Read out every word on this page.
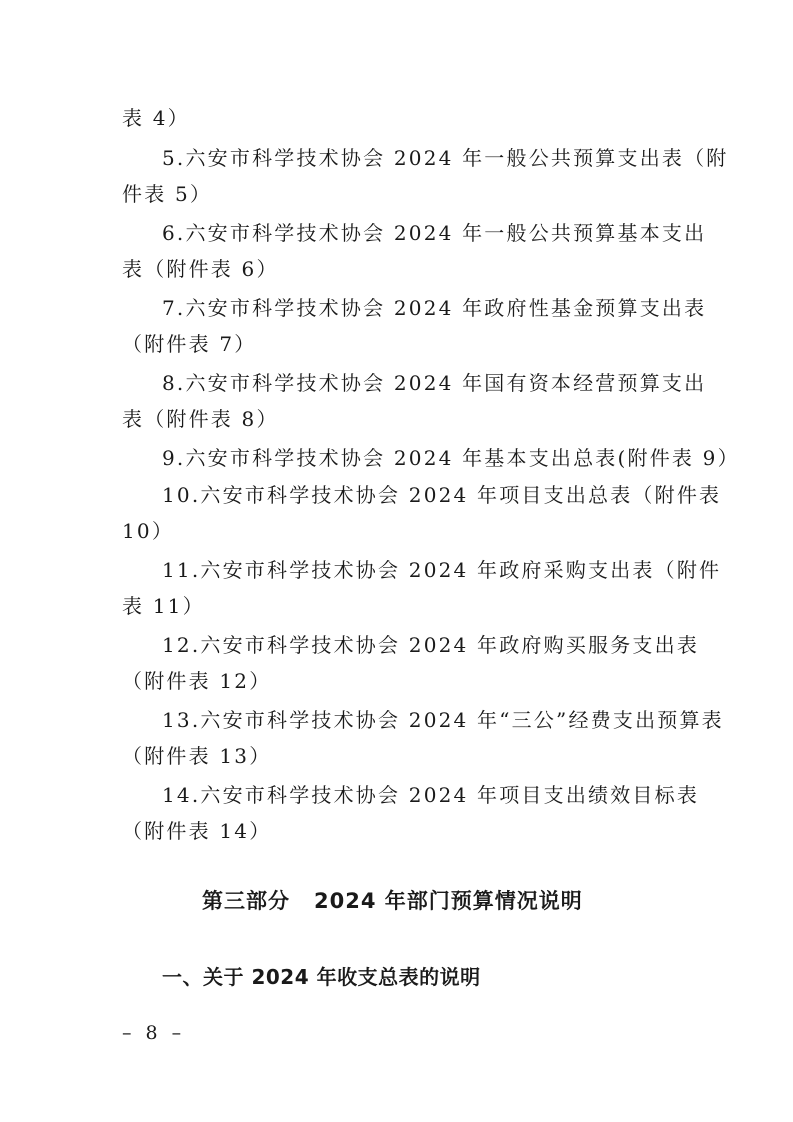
表 4）
5.六安市科学技术协会 2024 年一般公共预算支出表（附
件表 5）
6.六安市科学技术协会 2024 年一般公共预算基本支出
表（附件表 6）
7.六安市科学技术协会 2024 年政府性基金预算支出表
（附件表 7）
8.六安市科学技术协会 2024 年国有资本经营预算支出
表（附件表 8）
9.六安市科学技术协会 2024 年基本支出总表(附件表 9）
10.六安市科学技术协会 2024 年项目支出总表（附件表
10）
11.六安市科学技术协会 2024 年政府采购支出表（附件
表 11）
12.六安市科学技术协会 2024 年政府购买服务支出表
（附件表 12）
13.六安市科学技术协会 2024 年“三公”经费支出预算表
（附件表 13）
14.六安市科学技术协会 2024 年项目支出绩效目标表
（附件表 14）
第三部分 2024 年部门预算情况说明
一、关于 2024 年收支总表的说明
– 8 –
